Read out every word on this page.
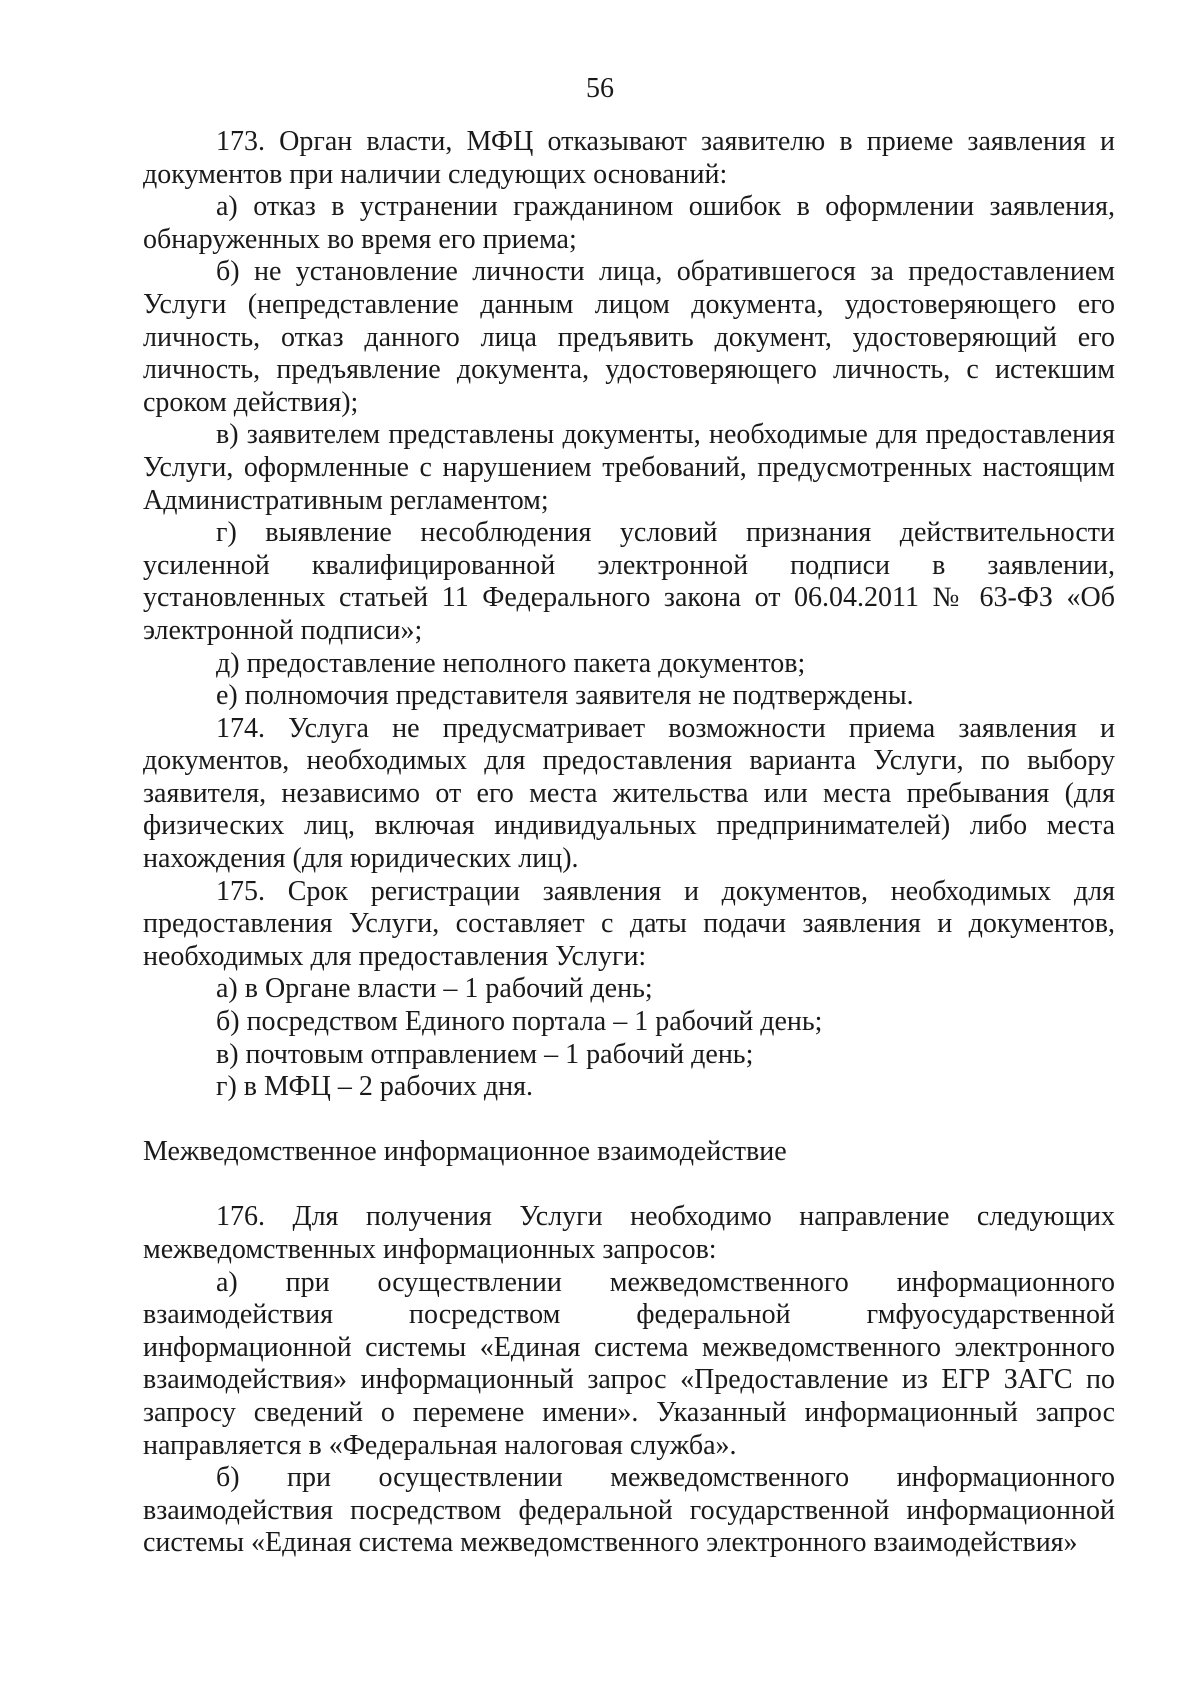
56

173. Орган власти, МФЦ отказывают заявителю в приеме заявления и документов при наличии следующих оснований:

а) отказ в устранении гражданином ошибок в оформлении заявления, обнаруженных во время его приема;

б) не установление личности лица, обратившегося за предоставлением Услуги (непредставление данным лицом документа, удостоверяющего его личность, отказ данного лица предъявить документ, удостоверяющий его личность, предъявление документа, удостоверяющего личность, с истекшим сроком действия);

в) заявителем представлены документы, необходимые для предоставления Услуги, оформленные с нарушением требований, предусмотренных настоящим Административным регламентом;

г) выявление несоблюдения условий признания действительности усиленной квалифицированной электронной подписи в заявлении, установленных статьей 11 Федерального закона от 06.04.2011 № 63-ФЗ «Об электронной подписи»;

д) предоставление неполного пакета документов;

е) полномочия представителя заявителя не подтверждены.

174. Услуга не предусматривает возможности приема заявления и документов, необходимых для предоставления варианта Услуги, по выбору заявителя, независимо от его места жительства или места пребывания (для физических лиц, включая индивидуальных предпринимателей) либо места нахождения (для юридических лиц).

175. Срок регистрации заявления и документов, необходимых для предоставления Услуги, составляет с даты подачи заявления и документов, необходимых для предоставления Услуги:

а) в Органе власти – 1 рабочий день;

б) посредством Единого портала – 1 рабочий день;

в) почтовым отправлением – 1 рабочий день;

г) в МФЦ – 2 рабочих дня.

Межведомственное информационное взаимодействие

176. Для получения Услуги необходимо направление следующих межведомственных информационных запросов:

а) при осуществлении межведомственного информационного взаимодействия посредством федеральной гмфуосударственной информационной системы «Единая система межведомственного электронного взаимодействия» информационный запрос «Предоставление из ЕГР ЗАГС по запросу сведений о перемене имени». Указанный информационный запрос направляется в «Федеральная налоговая служба».

б) при осуществлении межведомственного информационного взаимодействия посредством федеральной государственной информационной системы «Единая система межведомственного электронного взаимодействия»
